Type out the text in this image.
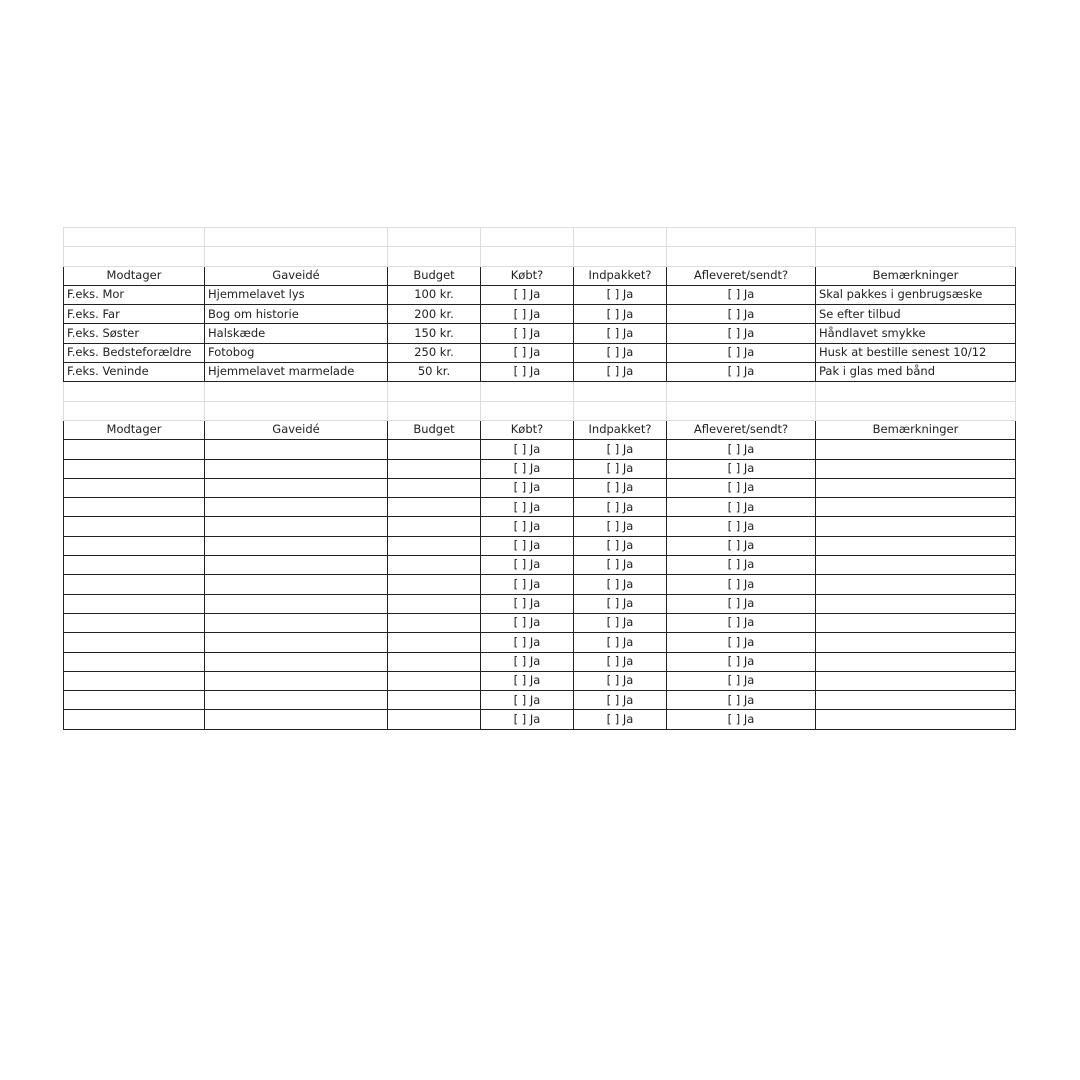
Modtager	Gaveidé	Budget	Købt?	Indpakket?	Afleveret/sendt?	Bemærkninger
F.eks. Mor	Hjemmelavet lys	100 kr.	[ ] Ja	[ ] Ja	[ ] Ja	Skal pakkes i genbrugsæske
F.eks. Far	Bog om historie	200 kr.	[ ] Ja	[ ] Ja	[ ] Ja	Se efter tilbud
F.eks. Søster	Halskæde	150 kr.	[ ] Ja	[ ] Ja	[ ] Ja	Håndlavet smykke
F.eks. Bedsteforældre	Fotobog	250 kr.	[ ] Ja	[ ] Ja	[ ] Ja	Husk at bestille senest 10/12
F.eks. Veninde	Hjemmelavet marmelade	50 kr.	[ ] Ja	[ ] Ja	[ ] Ja	Pak i glas med bånd

Modtager	Gaveidé	Budget	Købt?	Indpakket?	Afleveret/sendt?	Bemærkninger
			[ ] Ja	[ ] Ja	[ ] Ja	
			[ ] Ja	[ ] Ja	[ ] Ja	
			[ ] Ja	[ ] Ja	[ ] Ja	
			[ ] Ja	[ ] Ja	[ ] Ja	
			[ ] Ja	[ ] Ja	[ ] Ja	
			[ ] Ja	[ ] Ja	[ ] Ja	
			[ ] Ja	[ ] Ja	[ ] Ja	
			[ ] Ja	[ ] Ja	[ ] Ja	
			[ ] Ja	[ ] Ja	[ ] Ja	
			[ ] Ja	[ ] Ja	[ ] Ja	
			[ ] Ja	[ ] Ja	[ ] Ja	
			[ ] Ja	[ ] Ja	[ ] Ja	
			[ ] Ja	[ ] Ja	[ ] Ja	
			[ ] Ja	[ ] Ja	[ ] Ja	
			[ ] Ja	[ ] Ja	[ ] Ja	
